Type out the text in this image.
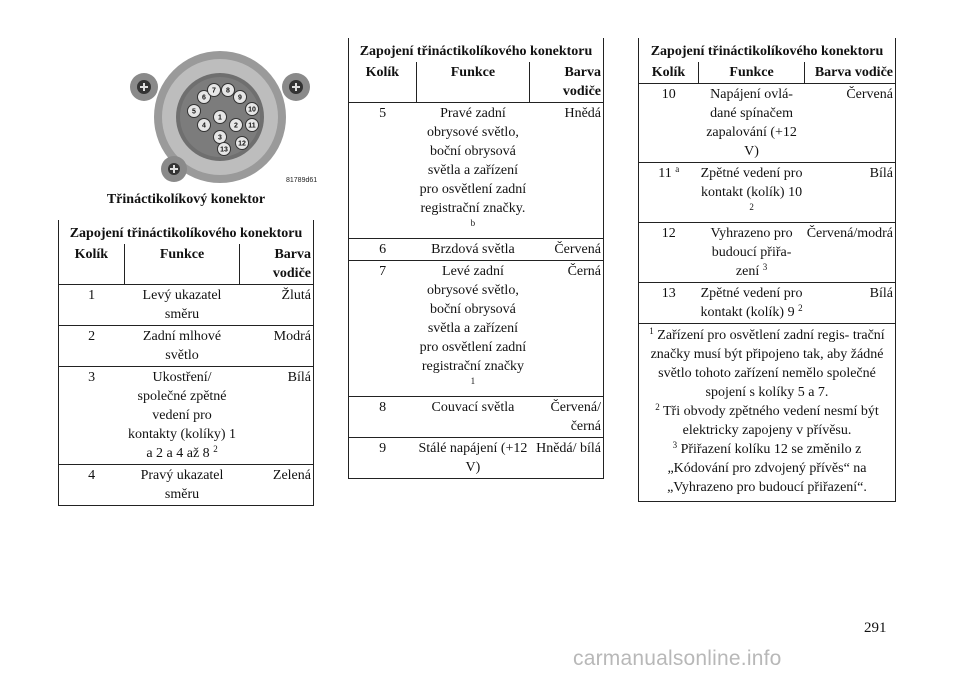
1
2
3
4
5
6
7 8
9
10
11
12
13
81789d61
Třináctikolíkový konektor
Zapojení třináctikolíkového konektoru		
Kolík	Funkce	Barva vodiče
1	Levý ukazatel směru	Žlutá
2	Zadní mlhové světlo	Modrá
3	Ukostření/ společné zpětné vedení pro kontakty (kolíky) 1 a 2 a 4 až 8 $^2$	Bílá
4	Pravý ukazatel směru	Zelená
Zapojení třináctikolíkového konektoru		
Kolík	Funkce	Barva vodiče
5	Pravé zadní obrysové světlo, boční obrysová světla a zařízení pro osvětlení zadní registrační značky. $^b$	Hnědá
6	Brzdová světla	Červená
7	Levé zadní obrysové světlo, boční obrysová světla a zařízení pro osvětlení zadní registrační značky $^1$	Černá
8	Couvací světla	Červená/černá
9	Stálé napájení (+12 V)	Hnědá/ bílá
Zapojení třináctikolíkového konektoru		
Kolík	Funkce	Barva vodiče
10	Napájení ovlá- dané spínačem zapalování (+12 V)	Červená
11 $^a$	Zpětné vedení pro kontakt (kolík) 10 $^2$	Bílá
12	Vyhrazeno pro budoucí přiřa- zení $^3$	Červená/modrá
13	Zpětné vedení pro kontakt (kolík) 9 $^2$	Bílá

$^1$ Zařízení pro osvětlení zadní regis- trační značky musí být připojeno tak, aby žádné světlo tohoto zařízení nemělo společné spojení s kolíky 5 a 7.
$^2$ Tři obvody zpětného vedení nesmí být elektricky zapojeny v přívěsu.
$^3$ Přiřazení kolíku 12 se změnilo z „Kódování pro zdvojený přívěs“ na „Vyhrazeno pro budoucí přiřazení“.		
291
carmanualsonline.info
